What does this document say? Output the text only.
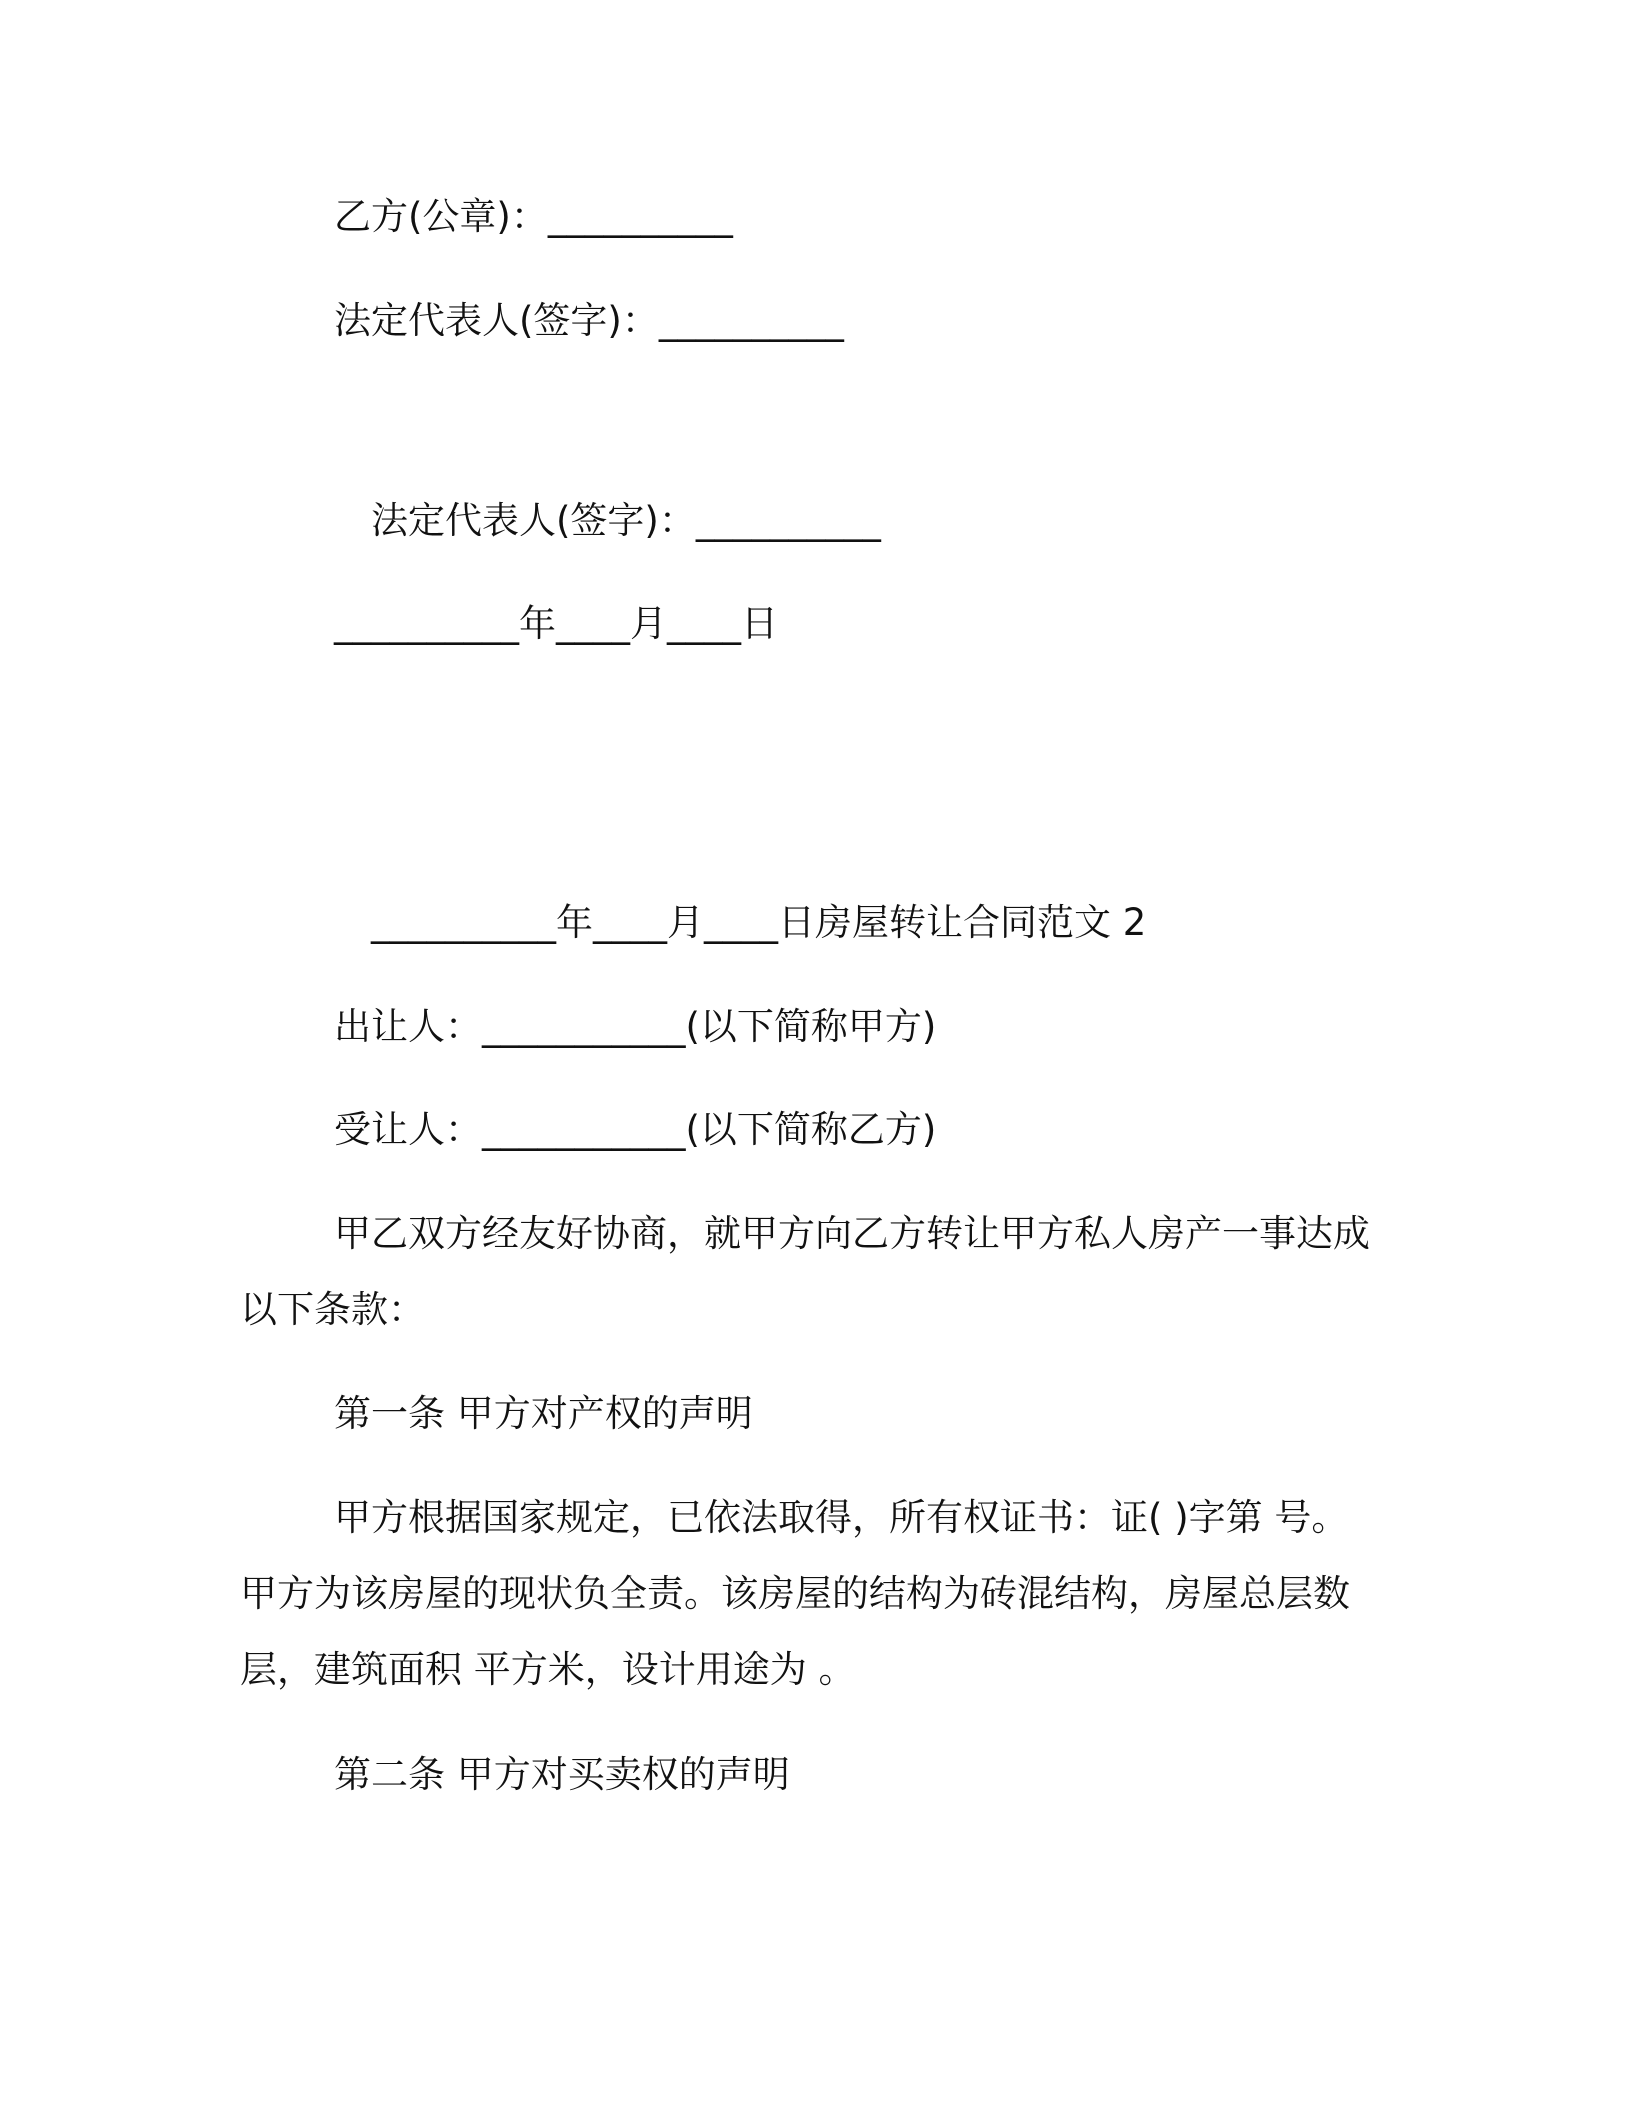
乙方(公章)：__________
法定代表人(签字)：__________
法定代表人(签字)：__________
__________年____月____日
__________年____月____日房屋转让合同范文 2
出让人：___________(以下简称甲方)
受让人：___________(以下简称乙方)
甲乙双方经友好协商，就甲方向乙方转让甲方私人房产一事达成以下条款：
第一条 甲方对产权的声明
甲方根据国家规定，已依法取得，所有权证书：证( )字第 号。甲方为该房屋的现状负全责。该房屋的结构为砖混结构，房屋总层数层，建筑面积 平方米，设计用途为 。
第二条 甲方对买卖权的声明
